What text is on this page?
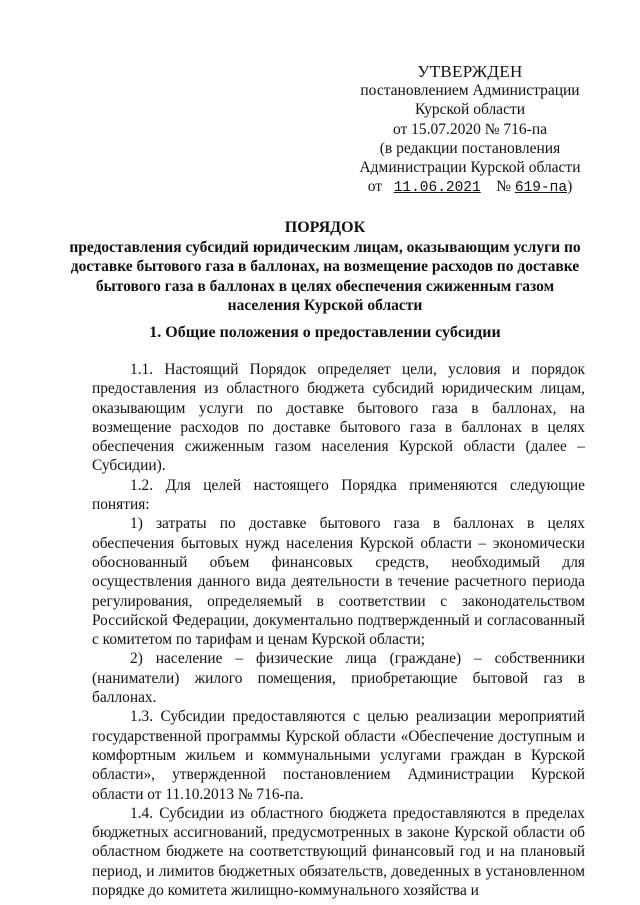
УТВЕРЖДЕН
постановлением Администрации
Курской области
от 15.07.2020 № 716-па
(в редакции постановления
Администрации Курской области
от 11.06.2021 № 619-па)
ПОРЯДОК
предоставления субсидий юридическим лицам, оказывающим услуги по доставке бытового газа в баллонах, на возмещение расходов по доставке бытового газа в баллонах в целях обеспечения сжиженным газом населения Курской области
1. Общие положения о предоставлении субсидии

1.1. Настоящий Порядок определяет цели, условия и порядок предоставления из областного бюджета субсидий юридическим лицам, оказывающим услуги по доставке бытового газа в баллонах, на возмещение расходов по доставке бытового газа в баллонах в целях обеспечения сжиженным газом населения Курской области (далее – Субсидии).

1.2. Для целей настоящего Порядка применяются следующие понятия:

1) затраты по доставке бытового газа в баллонах в целях обеспечения бытовых нужд населения Курской области – экономически обоснованный объем финансовых средств, необходимый для осуществления данного вида деятельности в течение расчетного периода регулирования, определяемый в соответствии с законодательством Российской Федерации, документально подтвержденный и согласованный с комитетом по тарифам и ценам Курской области;

2) население – физические лица (граждане) – собственники (наниматели) жилого помещения, приобретающие бытовой газ в баллонах.

1.3. Субсидии предоставляются с целью реализации мероприятий государственной программы Курской области «Обеспечение доступным и комфортным жильем и коммунальными услугами граждан в Курской области», утвержденной постановлением Администрации Курской области от 11.10.2013 № 716-па.

1.4. Субсидии из областного бюджета предоставляются в пределах бюджетных ассигнований, предусмотренных в законе Курской области об областном бюджете на соответствующий финансовый год и на плановый период, и лимитов бюджетных обязательств, доведенных в установленном порядке до комитета жилищно-коммунального хозяйства и
